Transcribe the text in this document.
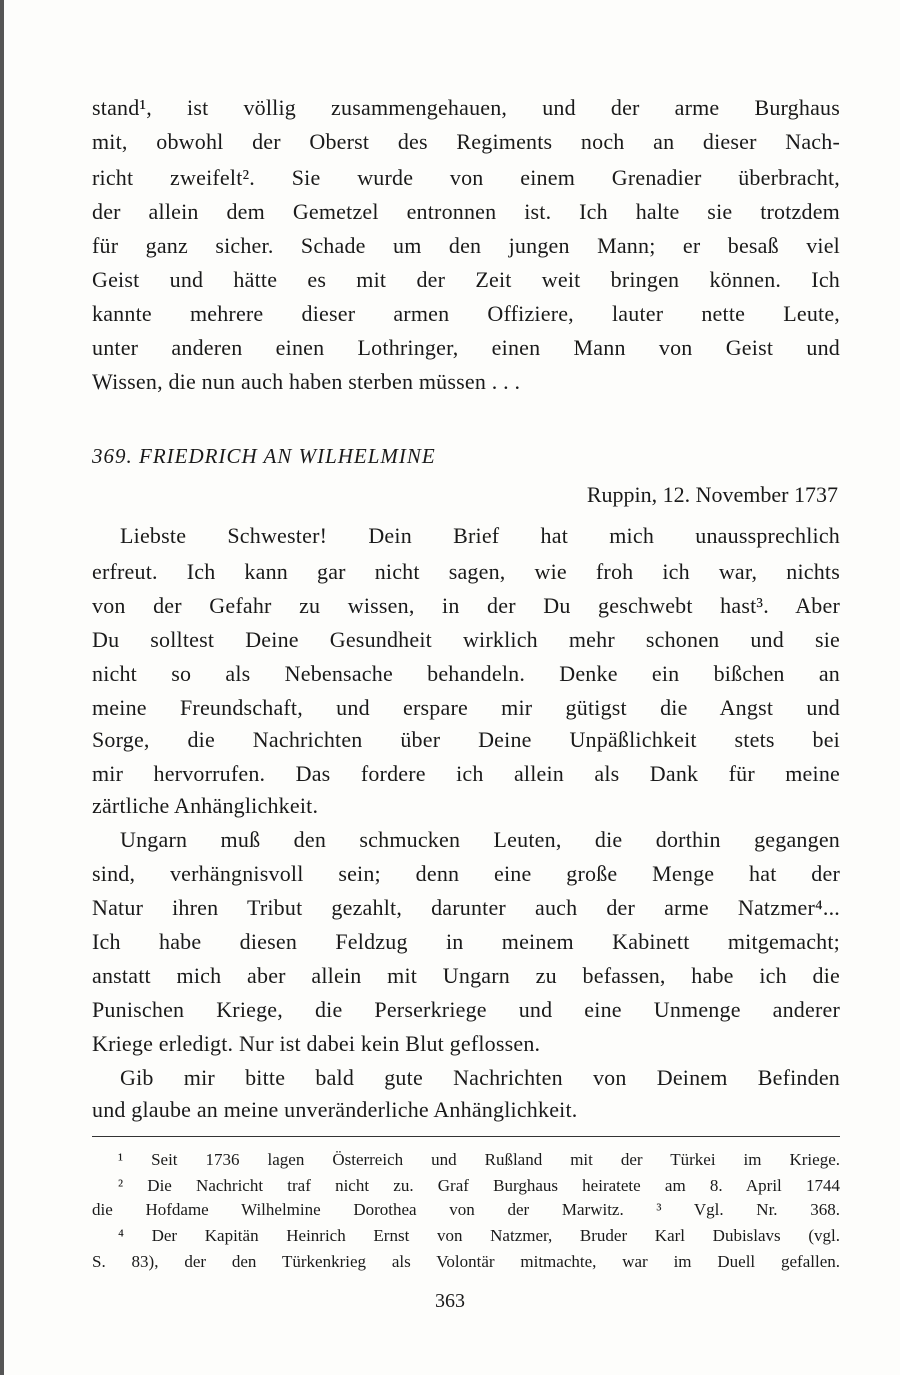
stand¹, ist völlig zusammengehauen, und der arme Burghaus
mit, obwohl der Oberst des Regiments noch an dieser Nach-
richt zweifelt². Sie wurde von einem Grenadier überbracht,
der allein dem Gemetzel entronnen ist. Ich halte sie trotzdem
für ganz sicher. Schade um den jungen Mann; er besaß viel
Geist und hätte es mit der Zeit weit bringen können. Ich
kannte mehrere dieser armen Offiziere, lauter nette Leute,
unter anderen einen Lothringer, einen Mann von Geist und
Wissen, die nun auch haben sterben müssen . . .
Liebste Schwester! Dein Brief hat mich unaussprechlich
erfreut. Ich kann gar nicht sagen, wie froh ich war, nichts
von der Gefahr zu wissen, in der Du geschwebt hast³. Aber
Du solltest Deine Gesundheit wirklich mehr schonen und sie
nicht so als Nebensache behandeln. Denke ein bißchen an
meine Freundschaft, und erspare mir gütigst die Angst und
Sorge, die Nachrichten über Deine Unpäßlichkeit stets bei
mir hervorrufen. Das fordere ich allein als Dank für meine
zärtliche Anhänglichkeit.
Ungarn muß den schmucken Leuten, die dorthin gegangen
sind, verhängnisvoll sein; denn eine große Menge hat der
Natur ihren Tribut gezahlt, darunter auch der arme Natzmer⁴...
Ich habe diesen Feldzug in meinem Kabinett mitgemacht;
anstatt mich aber allein mit Ungarn zu befassen, habe ich die
Punischen Kriege, die Perserkriege und eine Unmenge anderer
Kriege erledigt. Nur ist dabei kein Blut geflossen.
Gib mir bitte bald gute Nachrichten von Deinem Befinden
und glaube an meine unveränderliche Anhänglichkeit.
¹ Seit 1736 lagen Österreich und Rußland mit der Türkei im Kriege.
² Die Nachricht traf nicht zu. Graf Burghaus heiratete am 8. April 1744
die Hofdame Wilhelmine Dorothea von der Marwitz. ³ Vgl. Nr. 368.
⁴ Der Kapitän Heinrich Ernst von Natzmer, Bruder Karl Dubislavs (vgl.
S. 83), der den Türkenkrieg als Volontär mitmachte, war im Duell gefallen.
369. FRIEDRICH AN WILHELMINE
Ruppin, 12. November 1737
363
